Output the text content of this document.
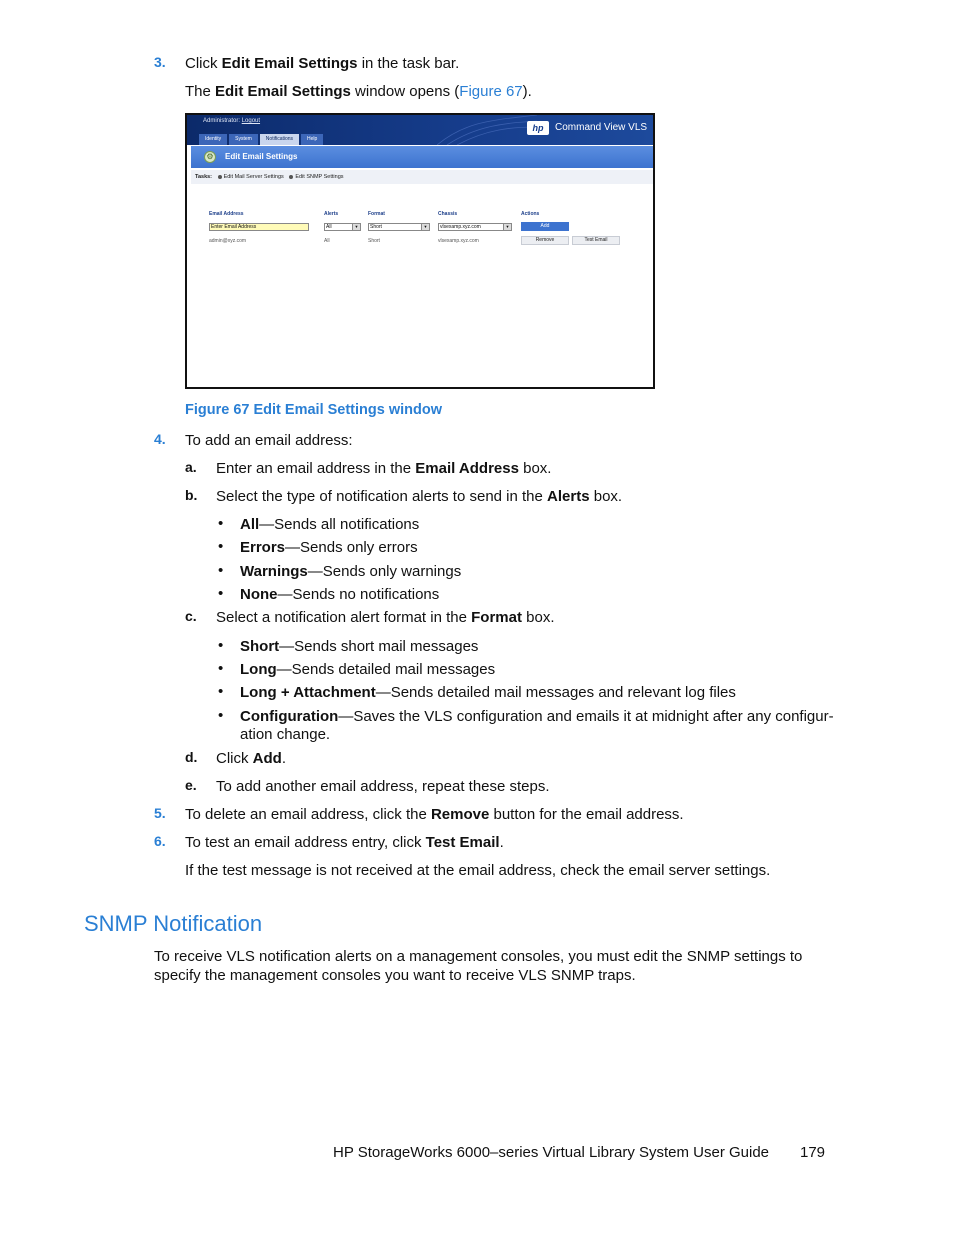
3. Click Edit Email Settings in the task bar.
The Edit Email Settings window opens (Figure 67).
Administrator: Logout
Identity	System	Notifications	Help
hp	Command View VLS
⚙	Edit Email Settings
Tasks: Edit Mail Server Settings Edit SNMP Settings
Email Address	Alerts	Format	Chassis	Actions
Enter Email Address	All ▼	Short ▼	vlsexamp.xyz.com ▼	Add
admin@xyz.com	All	Short	vlsexamp.xyz.com	Remove	Test Email
Figure 67 Edit Email Settings window
4. To add an email address:
a. Enter an email address in the Email Address box.
b. Select the type of notification alerts to send in the Alerts box.
• All—Sends all notifications
• Errors—Sends only errors
• Warnings—Sends only warnings
• None—Sends no notifications
c. Select a notification alert format in the Format box.
• Short—Sends short mail messages
• Long—Sends detailed mail messages
• Long + Attachment—Sends detailed mail messages and relevant log files
• Configuration—Saves the VLS configuration and emails it at midnight after any configur-
ation change.
d. Click Add.
e. To add another email address, repeat these steps.
5. To delete an email address, click the Remove button for the email address.
6. To test an email address entry, click Test Email.
If the test message is not received at the email address, check the email server settings.
SNMP Notification
To receive VLS notification alerts on a management consoles, you must edit the SNMP settings to
specify the management consoles you want to receive VLS SNMP traps.
HP StorageWorks 6000–series Virtual Library System User Guide 179
